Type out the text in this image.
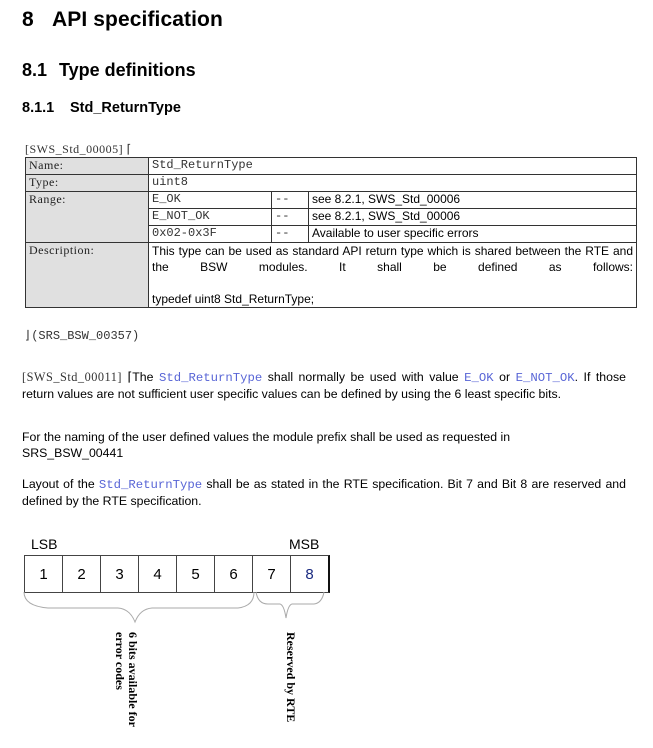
8 API specification
8.1 Type definitions
8.1.1 Std_ReturnType
[SWS_Std_00005] ⌈
Name:	Std_ReturnType		
Type:	uint8		
Range:	E_OK	--	see 8.2.1, SWS_Std_00006
	E_NOT_OK	--	see 8.2.1, SWS_Std_00006
	0x02-0x3F	--	Available to user specific errors
Description:	This type can be used as standard API return type which is shared between the RTE and the BSW modules. It shall be defined as follows:
typedef uint8 Std_ReturnType;		
⌋(SRS_BSW_00357)
[SWS_Std_00011] ⌈The Std_ReturnType shall normally be used with value E_OK or E_NOT_OK. If those return values are not sufficient user specific values can be defined by using the 6 least specific bits.
For the naming of the user defined values the module prefix shall be used as requested in SRS_BSW_00441
Layout of the Std_ReturnType shall be as stated in the RTE specification. Bit 7 and Bit 8 are reserved and defined by the RTE specification.
LSB	MSB
1	2	3	4	5	6	7	8
6 bits available for
error codes	Reserved by RTE
